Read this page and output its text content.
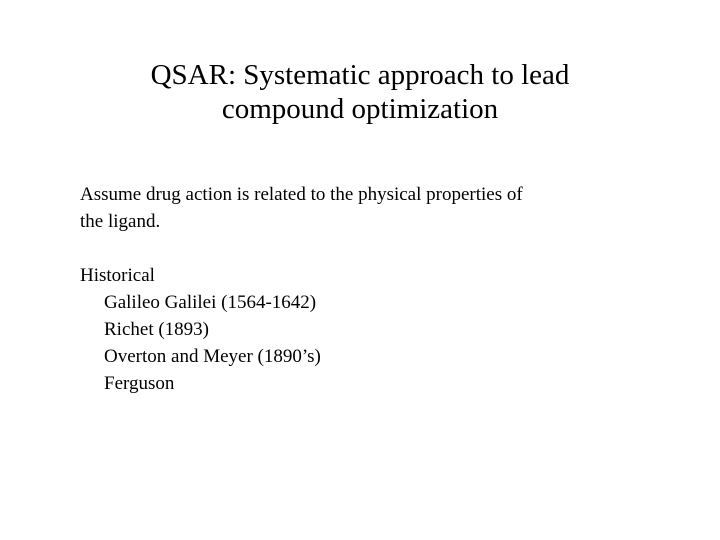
QSAR: Systematic approach to lead
compound optimization

Assume drug action is related to the physical properties of
the ligand.

Historical

Galileo Galilei (1564-1642)
Richet (1893)
Overton and Meyer (1890’s)
Ferguson
